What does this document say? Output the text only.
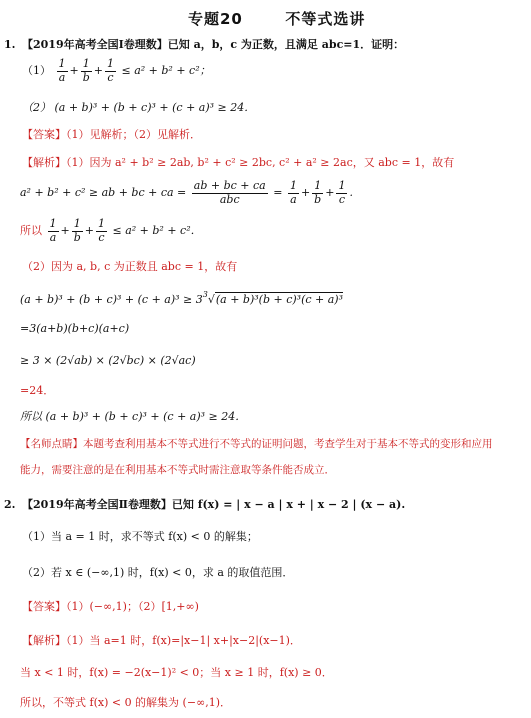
专题20	不等式选讲
1. 【2019年高考全国Ⅰ卷理数】已知 a，b，c 为正数，且满足 abc=1．证明：
$(1) \frac{1}{a} + \frac{1}{b} + \frac{1}{c} \le a^2 + b^2 + c^2$；
（2） (a + b)³ + (b + c)³ + (c + a)³ ≥ 24．
【答案】（1）见解析；（2）见解析．
【解析】（1）因为 a² + b² ≥ 2ab, b² + c² ≥ 2bc, c² + a² ≥ 2ac，又 abc = 1，故有
a² + b² + c² ≥ ab + bc + ca = $\frac{ab + bc + ca}{\text{abc}} = \frac{1}{a} + \frac{1}{b} + \frac{1}{c}$ .
所以 $\frac{1}{a} + \frac{1}{b} + \frac{1}{c} \le a^2 + b^2 + c^2$．
（2）因为 a, b, c 为正数且 abc = 1，故有
$(a + b)^3 + (b + c)^3 + (c + a)^3 \ge 3^3√(a + b)^3(b + c)^3(c + a)^3$
=3(a+b)(b+c)(a+c)
≥ 3 × (2√ab) × (2√bc) × (2√ac)
=24．
所以 (a + b)³ + (b + c)³ + (c + a)³ ≥ 24．
【名师点睛】本题考查利用基本不等式进行不等式的证明问题，考查学生对于基本不等式的变形和应用
能力，需要注意的是在利用基本不等式时需注意取等条件能否成立．
2. 【2019年高考全国Ⅱ卷理数】已知 f(x) = | x − a | x + | x − 2 | (x − a).
（1）当 a = 1 时，求不等式 f(x) < 0 的解集；
（2）若 x ∈ (−∞,1) 时，f(x) < 0，求 a 的取值范围．
【答案】（1）(−∞,1)；（2）[1,+∞)
【解析】（1）当 a=1 时，f(x)=|x−1| x+|x−2|(x−1)．
当 x < 1 时，f(x) = −2(x−1)² < 0；当 x ≥ 1 时，f(x) ≥ 0．
所以，不等式 f(x) < 0 的解集为 (−∞,1)．
